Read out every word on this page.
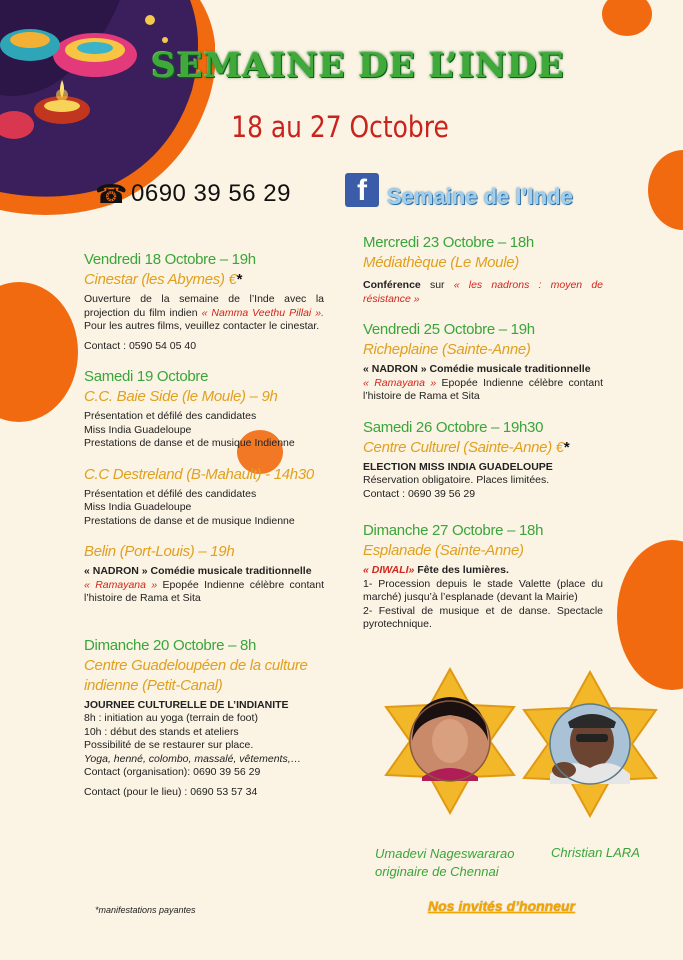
SEMAINE DE L’INDE
18 au 27 Octobre
☎ 0690 39 56 29	f Semaine de l’Inde
Vendredi 18 Octobre – 19h
Cinestar (les Abymes) €*
Ouverture de la semaine de l’Inde avec la projection du film indien « Namma Veethu Pillai ». Pour les autres films, veuillez contacter le cinestar.
Contact : 0590 54 05 40
Samedi 19 Octobre
C.C. Baie Side (le Moule) – 9h
Présentation et défilé des candidates
Miss India Guadeloupe
Prestations de danse et de musique Indienne
C.C Destreland (B-Mahault) - 14h30
Présentation et défilé des candidates
Miss India Guadeloupe
Prestations de danse et de musique Indienne
Belin (Port-Louis) – 19h
« NADRON » Comédie musicale traditionnelle
« Ramayana » Epopée Indienne célèbre contant l’histoire de Rama et Sita
Dimanche 20 Octobre – 8h
Centre Guadeloupéen de la culture indienne (Petit-Canal)
JOURNEE CULTURELLE DE L’INDIANITE
8h : initiation au yoga (terrain de foot)
10h : début des stands et ateliers
Possibilité de se restaurer sur place.
Yoga, henné, colombo, massalé, vêtements,…
Contact (organisation): 0690 39 56 29
Contact (pour le lieu) : 0690 53 57 34
*manifestations payantes
Mercredi 23 Octobre – 18h
Médiathèque (Le Moule)
Conférence sur « les nadrons : moyen de résistance »
Vendredi 25 Octobre – 19h
Richeplaine (Sainte-Anne)
« NADRON » Comédie musicale traditionnelle
« Ramayana » Epopée Indienne célèbre contant l’histoire de Rama et Sita
Samedi 26 Octobre – 19h30
Centre Culturel (Sainte-Anne) €*
ELECTION MISS INDIA GUADELOUPE
Réservation obligatoire. Places limitées.
Contact : 0690 39 56 29
Dimanche 27 Octobre – 18h
Esplanade (Sainte-Anne)
« DIWALI» Fête des lumières.
1- Procession depuis le stade Valette (place du marché) jusqu’à l’esplanade (devant la Mairie)
2- Festival de musique et de danse. Spectacle pyrotechnique.
Umadevi Nageswararao
originaire de Chennai
Christian LARA
Nos invités d’honneur
